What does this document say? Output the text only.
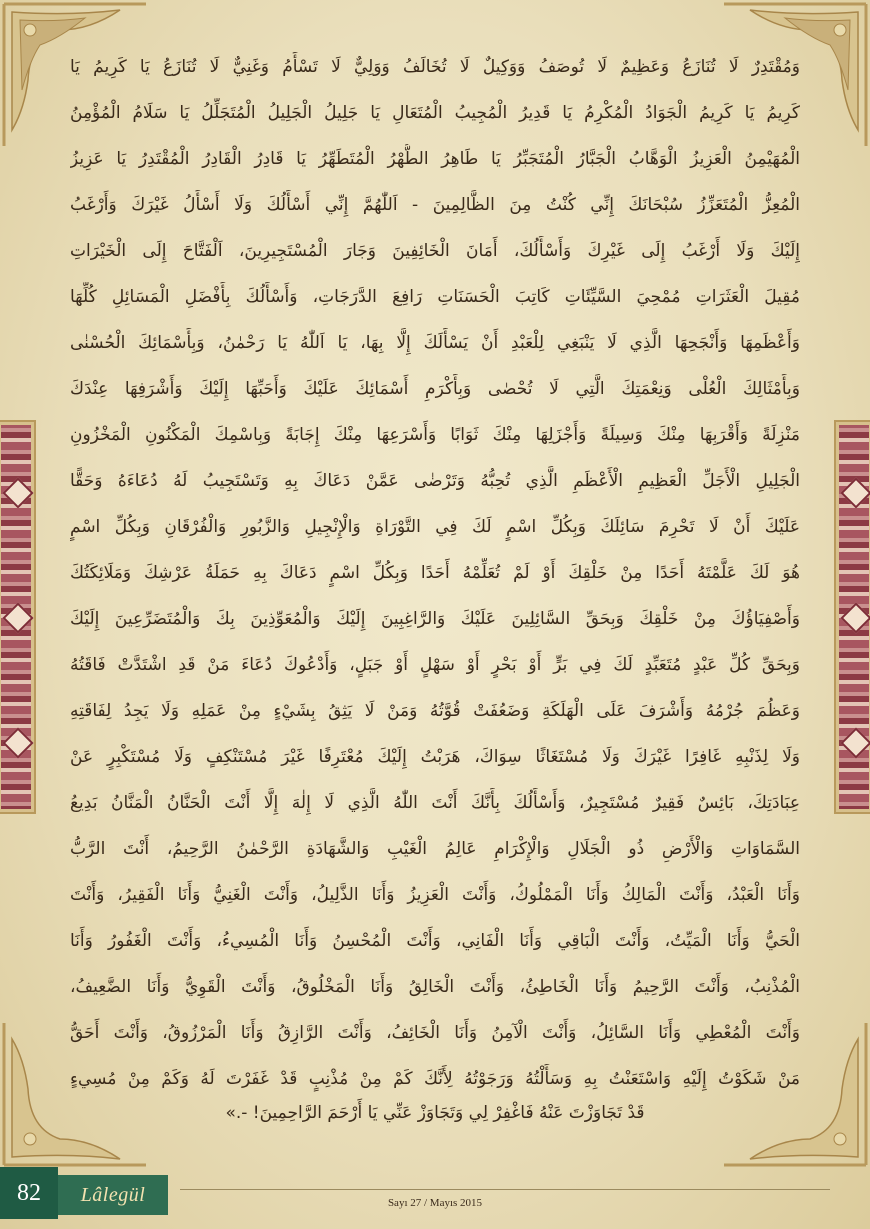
وَمُقْتَدِرٌ لَا تُنَازَعُ وَعَظِيمٌ لَا تُوصَفُ وَوَكِيلٌ لَا تُخَالَفُ وَوَلِيٌّ لَا تَسْأَمُ وَغَنِيٌّ لَا تُنَازَعُ يَا كَرِيمُ يَا
كَرِيمُ يَا كَرِيمُ الْجَوَادُ الْمُكْرِمُ يَا قَدِيرُ الْمُجِيبُ الْمُتَعَالِ يَا جَلِيلُ الْجَلِيلُ الْمُتَجَلِّلُ يَا سَلَامُ الْمُؤْمِنُ
الْمُهَيْمِنُ الْعَزِيزُ الْوَهَّابُ الْجَبَّارُ الْمُتَجَبِّرُ يَا طَاهِرُ الطُّهْرُ الْمُتَطَهِّرُ يَا قَادِرُ الْقَادِرُ الْمُقْتَدِرُ يَا عَزِيزُ
الْمُعِزُّ الْمُتَعَزِّزُ سُبْحَانَكَ إِنِّي كُنْتُ مِنَ الظَّالِمِينَ - اَللّٰهُمَّ إِنِّي أَسْأَلُكَ وَلَا أَسْأَلُ غَيْرَكَ وَأَرْغَبُ
إِلَيْكَ وَلَا أَرْغَبُ إِلَى غَيْرِكَ وَأَسْأَلُكَ، أَمَانَ الْخَائِفِينَ وَجَارَ الْمُسْتَجِيرِينَ، اَلْفَتَّاحَ إِلَى الْخَيْرَاتِ
مُقِيلَ الْعَثَرَاتِ مُمْحِيَ السَّيِّئَاتِ كَاتِبَ الْحَسَنَاتِ رَافِعَ الدَّرَجَاتِ، وَأَسْأَلُكَ بِأَفْضَلِ الْمَسَائِلِ كُلِّهَا
وَأَعْظَمِهَا وَأَنْجَحِهَا الَّذِي لَا يَنْبَغِي لِلْعَبْدِ أَنْ يَسْأَلَكَ إِلَّا بِهَا، يَا اَللّٰهُ يَا رَحْمٰنُ، وَبِأَسْمَائِكَ الْحُسْنٰى
وَبِأَمْثَالِكَ الْعُلْى وَنِعْمَتِكَ الَّتِي لَا تُحْصٰى وَبِأَكْرَمِ أَسْمَائِكَ عَلَيْكَ وَأَحَبِّهَا إِلَيْكَ وَأَشْرَفِهَا عِنْدَكَ
مَنْزِلَةً وَأَقْرَبِهَا مِنْكَ وَسِيلَةً وَأَجْزَلِهَا مِنْكَ ثَوَابًا وَأَسْرَعِهَا مِنْكَ إِجَابَةً وَبِاسْمِكَ الْمَكْنُونِ الْمَخْزُونِ
الْجَلِيلِ الْأَجَلِّ الْعَظِيمِ الْأَعْظَمِ الَّذِي تُحِبُّهُ وَتَرْضٰى عَمَّنْ دَعَاكَ بِهِ وَتَسْتَجِيبُ لَهُ دُعَاءَهُ وَحَقًّا
عَلَيْكَ أَنْ لَا تَحْرِمَ سَائِلَكَ وَبِكُلِّ اسْمٍ لَكَ فِي التَّوْرَاةِ وَالْإِنْجِيلِ وَالزَّبُورِ وَالْفُرْقَانِ وَبِكُلِّ اسْمٍ
هُوَ لَكَ عَلَّمْتَهُ أَحَدًا مِنْ خَلْقِكَ أَوْ لَمْ تُعَلِّمْهُ أَحَدًا وَبِكُلِّ اسْمٍ دَعَاكَ بِهِ حَمَلَةُ عَرْشِكَ وَمَلَائِكَتُكَ
وَأَصْفِيَاؤُكَ مِنْ خَلْقِكَ وَبِحَقِّ السَّائِلِينَ عَلَيْكَ وَالرَّاغِبِينَ إِلَيْكَ وَالْمُعَوِّذِينَ بِكَ وَالْمُتَضَرِّعِينَ إِلَيْكَ
وَبِحَقِّ كُلِّ عَبْدٍ مُتَعَبِّدٍ لَكَ فِي بَرٍّ أَوْ بَحْرٍ أَوْ سَهْلٍ أَوْ جَبَلٍ، وَأَدْعُوكَ دُعَاءَ مَنْ قَدِ اشْتَدَّتْ فَاقَتُهُ
وَعَظُمَ جُرْمُهُ وَأَشْرَفَ عَلَى الْهَلَكَةِ وَضَعُفَتْ قُوَّتُهُ وَمَنْ لَا يَثِقُ بِشَيْءٍ مِنْ عَمَلِهِ وَلَا يَجِدُ لِفَاقَتِهِ
وَلَا لِذَنْبِهِ غَافِرًا غَيْرَكَ وَلَا مُسْتَغَاثًا سِوَاكَ، هَرَبْتُ إِلَيْكَ مُعْتَرِفًا غَيْرَ مُسْتَنْكِفٍ وَلَا مُسْتَكْبِرٍ عَنْ
عِبَادَتِكَ، بَائِسٌ فَقِيرٌ مُسْتَجِيرٌ، وَأَسْأَلُكَ بِأَنَّكَ أَنْتَ اللّٰهُ الَّذِي لَا إِلٰهَ إِلَّا أَنْتَ الْحَنَّانُ الْمَنَّانُ بَدِيعُ
السَّمَاوَاتِ وَالْأَرْضِ ذُو الْجَلَالِ وَالْإِكْرَامِ عَالِمُ الْغَيْبِ وَالشَّهَادَةِ الرَّحْمٰنُ الرَّحِيمُ، أَنْتَ الرَّبُّ
وَأَنَا الْعَبْدُ، وَأَنْتَ الْمَالِكُ وَأَنَا الْمَمْلُوكُ، وَأَنْتَ الْعَزِيزُ وَأَنَا الذَّلِيلُ، وَأَنْتَ الْغَنِيُّ وَأَنَا الْفَقِيرُ، وَأَنْتَ
الْحَيُّ وَأَنَا الْمَيِّتُ، وَأَنْتَ الْبَاقِي وَأَنَا الْفَانِي، وَأَنْتَ الْمُحْسِنُ وَأَنَا الْمُسِيءُ، وَأَنْتَ الْغَفُورُ وَأَنَا
الْمُذْنِبُ، وَأَنْتَ الرَّحِيمُ وَأَنَا الْخَاطِئُ، وَأَنْتَ الْخَالِقُ وَأَنَا الْمَخْلُوقُ، وَأَنْتَ الْقَوِيُّ وَأَنَا الضَّعِيفُ،
وَأَنْتَ الْمُعْطِي وَأَنَا السَّائِلُ، وَأَنْتَ الْآمِنُ وَأَنَا الْخَائِفُ، وَأَنْتَ الرَّازِقُ وَأَنَا الْمَرْزُوقُ، وَأَنْتَ أَحَقُّ
مَنْ شَكَوْتُ إِلَيْهِ وَاسْتَعَنْتُ بِهِ وَسَأَلْتُهُ وَرَجَوْتُهُ لِأَنَّكَ كَمْ مِنْ مُذْنِبٍ قَدْ غَفَرْتَ لَهُ وَكَمْ مِنْ مُسِيءٍ
قَدْ تَجَاوَزْتَ عَنْهُ فَاغْفِرْ لِي وَتَجَاوَزْ عَنِّي يَا أَرْحَمَ الرَّاحِمِينَ! -.»
82	Lâlegül	Sayı 27 / Mayıs 2015
